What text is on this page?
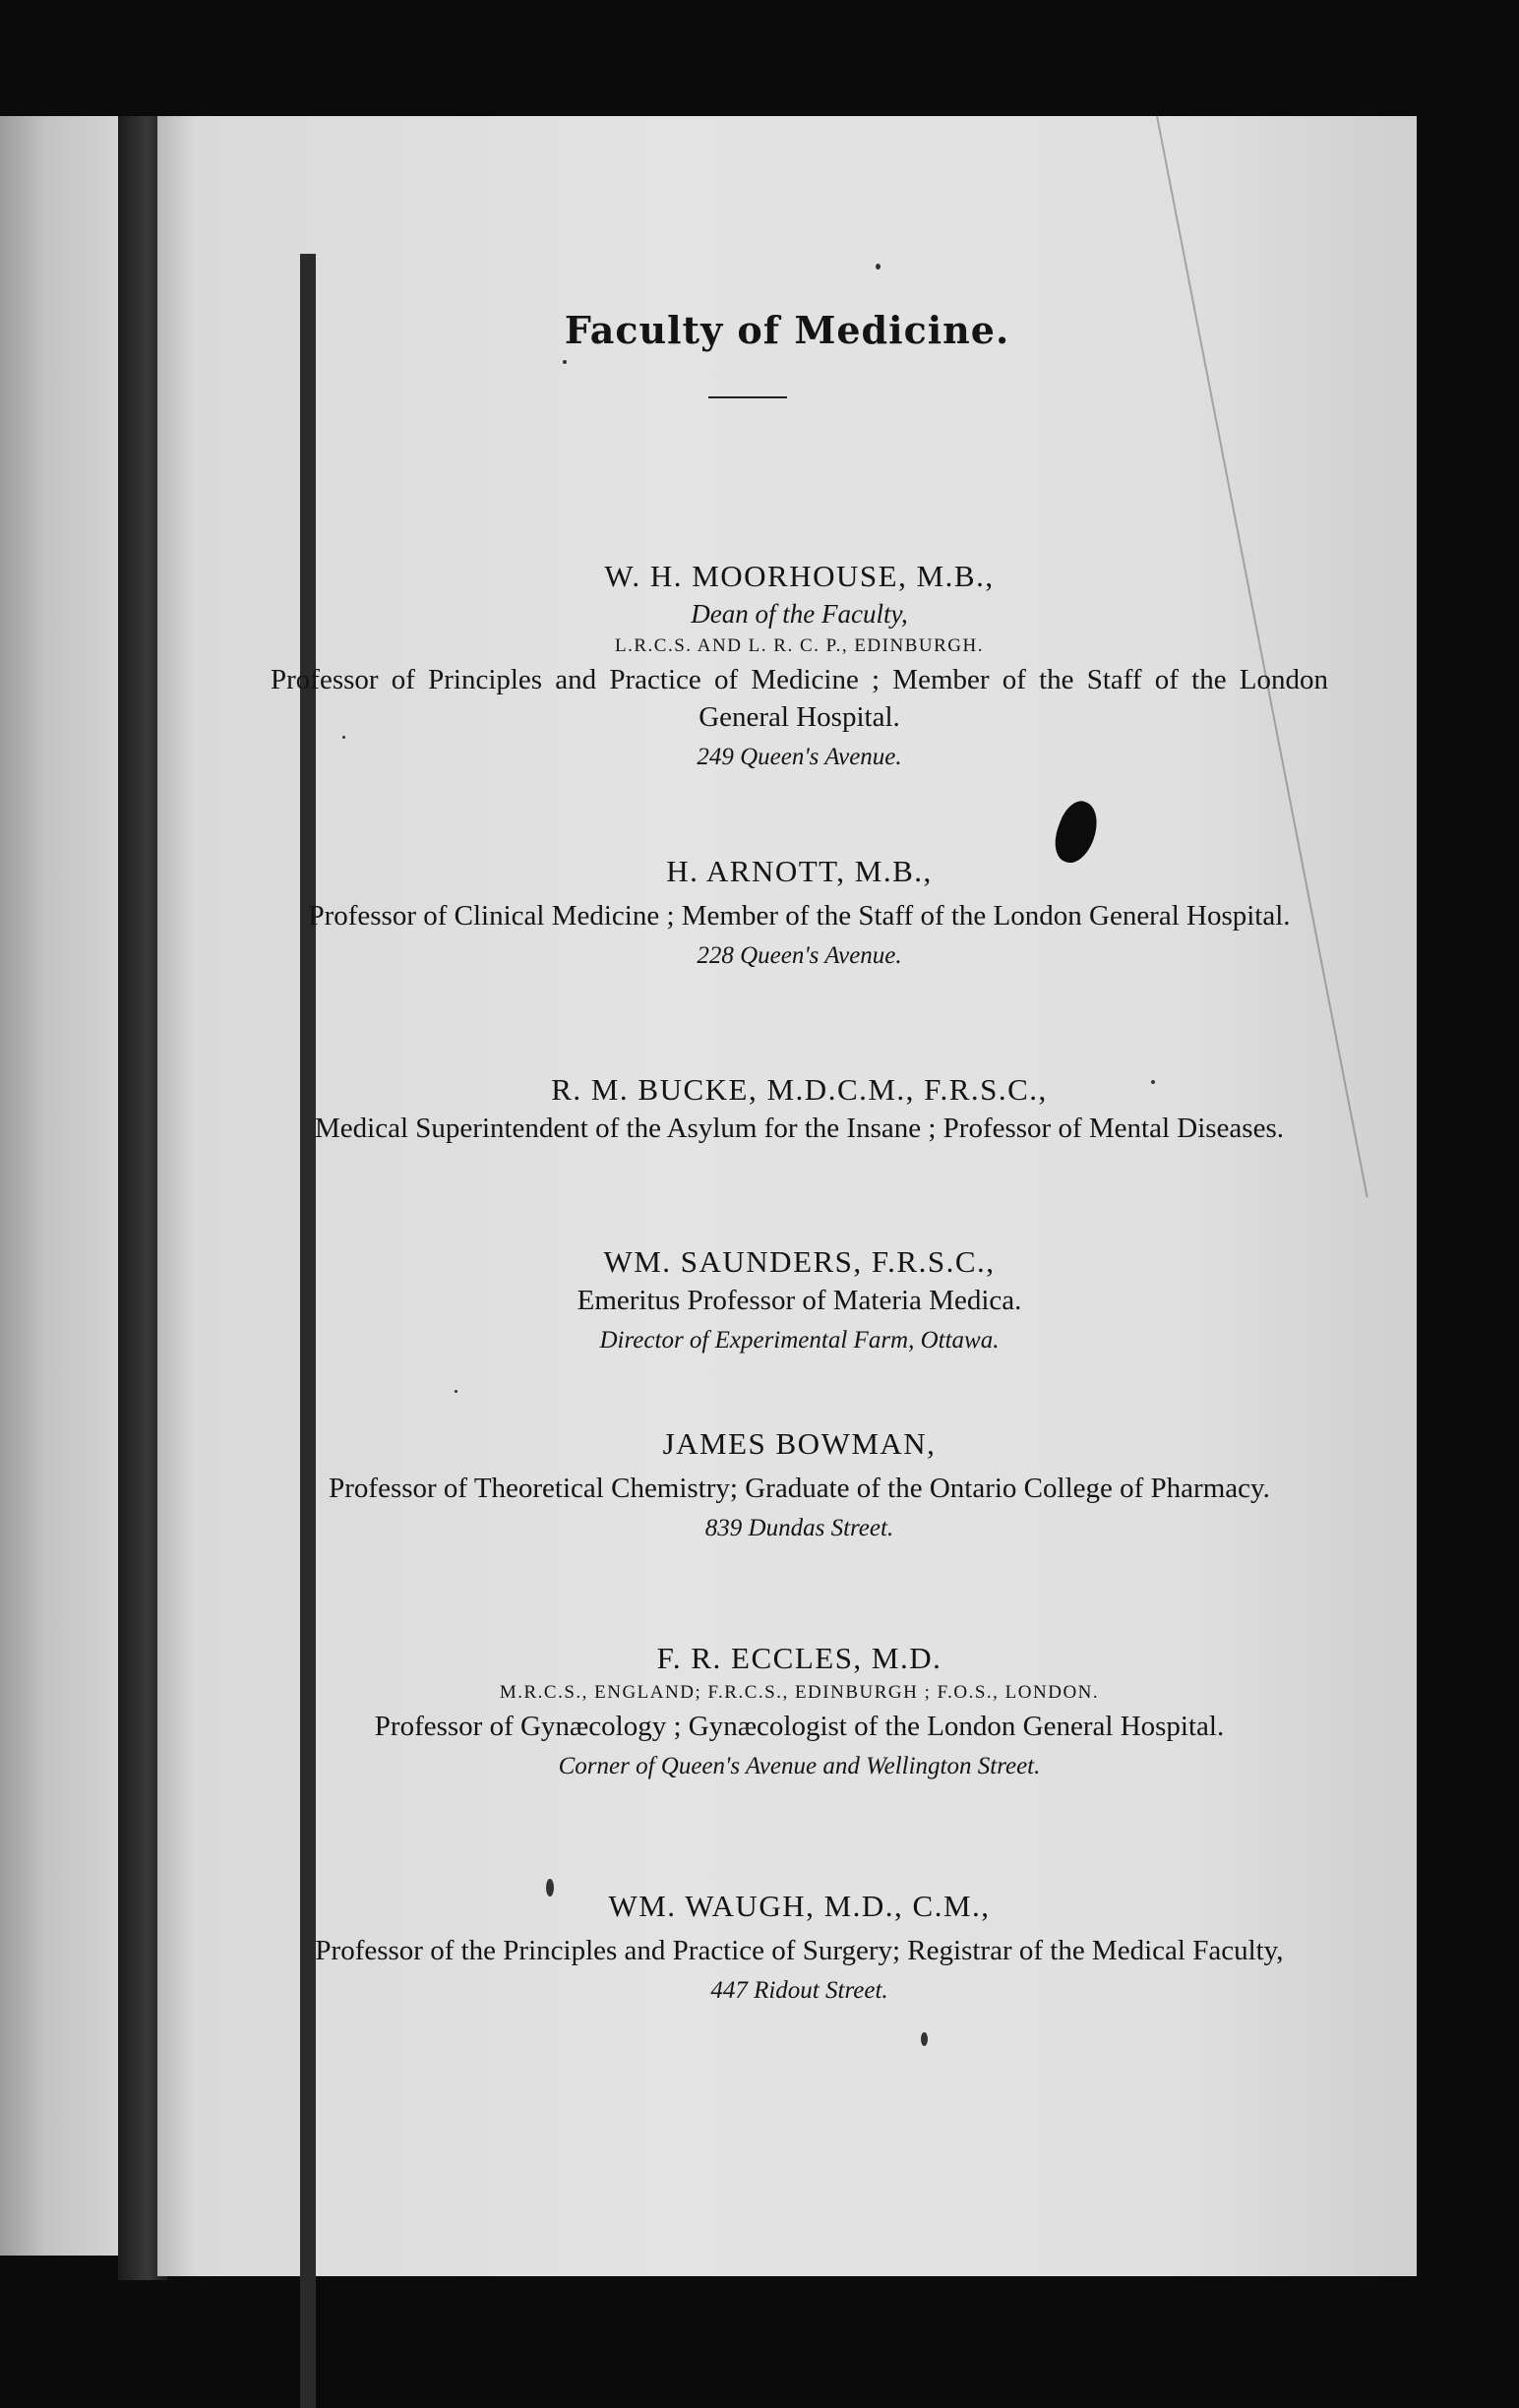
Faculty of Medicine.
W. H. MOORHOUSE, M.B.,
Dean of the Faculty,
L.R.C.S. AND L. R. C. P., EDINBURGH.
Professor of Principles and Practice of Medicine ; Member of the Staff of the London General Hospital.
249 Queen's Avenue.
H. ARNOTT, M.B.,
Professor of Clinical Medicine ; Member of the Staff of the London General Hospital.
228 Queen's Avenue.
R. M. BUCKE, M.D.C.M., F.R.S.C.,
Medical Superintendent of the Asylum for the Insane ; Professor of Mental Diseases.
WM. SAUNDERS, F.R.S.C.,
Emeritus Professor of Materia Medica.
Director of Experimental Farm, Ottawa.
JAMES BOWMAN,
Professor of Theoretical Chemistry; Graduate of the Ontario College of Pharmacy.
839 Dundas Street.
F. R. ECCLES, M.D.
M.R.C.S., ENGLAND; F.R.C.S., EDINBURGH ; F.O.S., LONDON.
Professor of Gynæcology ; Gynæcologist of the London General Hospital.
Corner of Queen's Avenue and Wellington Street.
WM. WAUGH, M.D., C.M.,
Professor of the Principles and Practice of Surgery; Registrar of the Medical Faculty,
447 Ridout Street.
